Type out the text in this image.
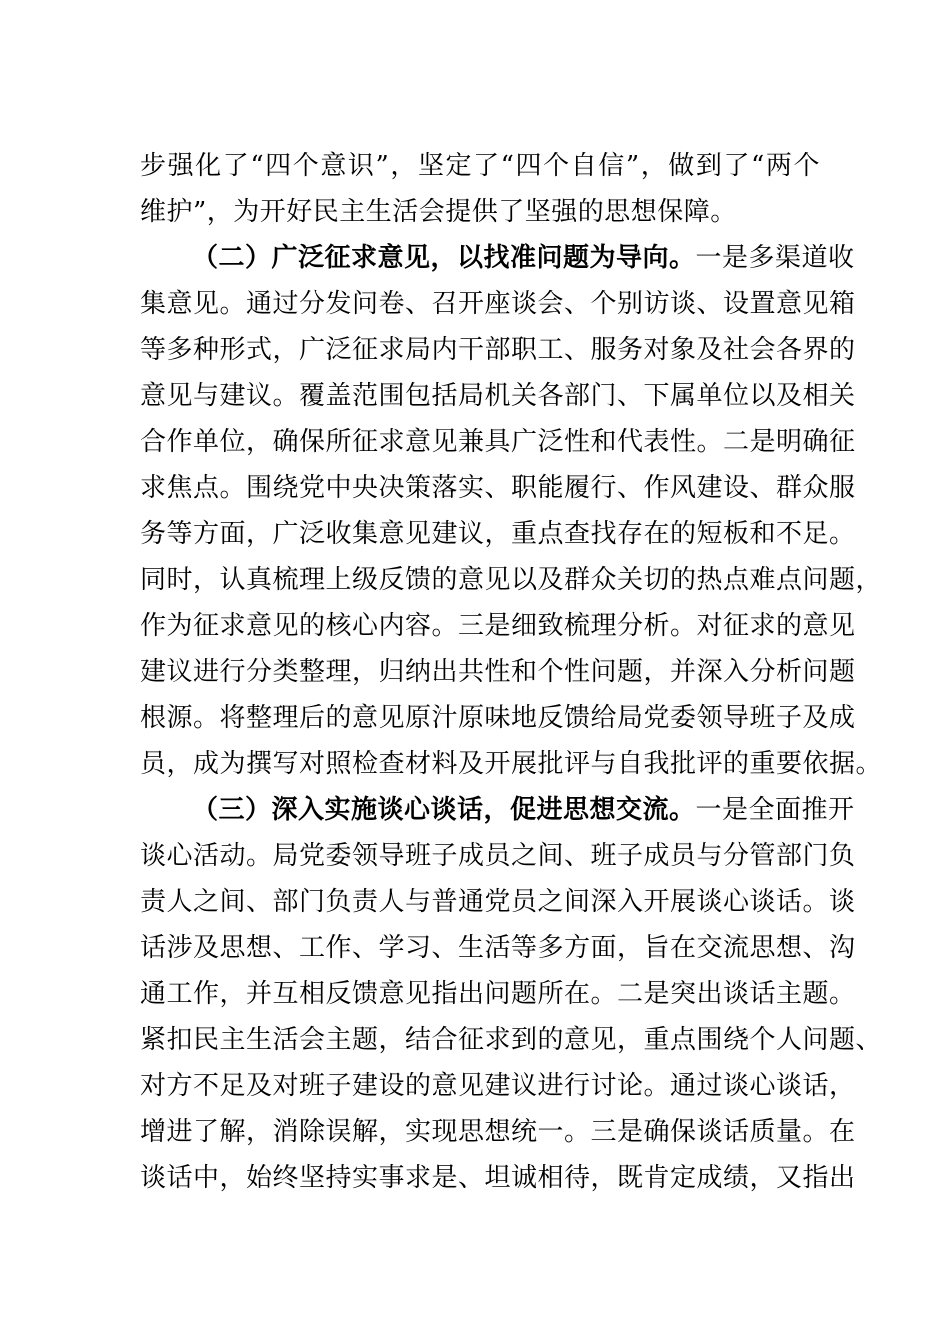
步强化了“四个意识”，坚定了“四个自信”，做到了“两个
维护”，为开好民主生活会提供了坚强的思想保障。
（二）广泛征求意见，以找准问题为导向。一是多渠道收
集意见。通过分发问卷、召开座谈会、个别访谈、设置意见箱
等多种形式，广泛征求局内干部职工、服务对象及社会各界的
意见与建议。覆盖范围包括局机关各部门、下属单位以及相关
合作单位，确保所征求意见兼具广泛性和代表性。二是明确征
求焦点。围绕党中央决策落实、职能履行、作风建设、群众服
务等方面，广泛收集意见建议，重点查找存在的短板和不足。
同时，认真梳理上级反馈的意见以及群众关切的热点难点问题，
作为征求意见的核心内容。三是细致梳理分析。对征求的意见
建议进行分类整理，归纳出共性和个性问题，并深入分析问题
根源。将整理后的意见原汁原味地反馈给局党委领导班子及成
员，成为撰写对照检查材料及开展批评与自我批评的重要依据。
（三）深入实施谈心谈话，促进思想交流。一是全面推开
谈心活动。局党委领导班子成员之间、班子成员与分管部门负
责人之间、部门负责人与普通党员之间深入开展谈心谈话。谈
话涉及思想、工作、学习、生活等多方面，旨在交流思想、沟
通工作，并互相反馈意见指出问题所在。二是突出谈话主题。
紧扣民主生活会主题，结合征求到的意见，重点围绕个人问题、
对方不足及对班子建设的意见建议进行讨论。通过谈心谈话，
增进了解，消除误解，实现思想统一。三是确保谈话质量。在
谈话中，始终坚持实事求是、坦诚相待，既肯定成绩，又指出
